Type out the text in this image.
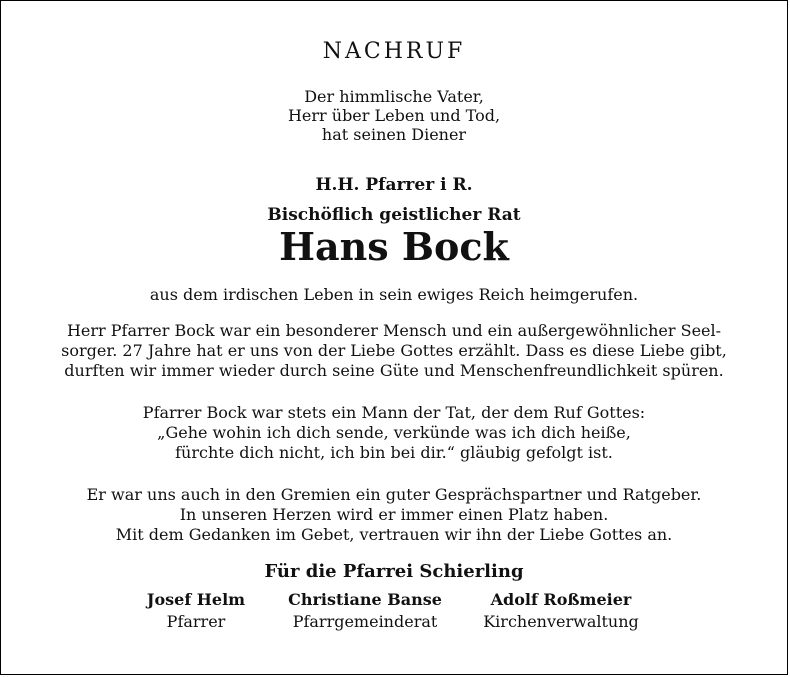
NACHRUF
Der himmlische Vater,
Herr über Leben und Tod,
hat seinen Diener
H.H. Pfarrer i R.
Bischöflich geistlicher Rat
Hans Bock
aus dem irdischen Leben in sein ewiges Reich heimgerufen.
Herr Pfarrer Bock war ein besonderer Mensch und ein außergewöhnlicher Seel-
sorger. 27 Jahre hat er uns von der Liebe Gottes erzählt. Dass es diese Liebe gibt,
durften wir immer wieder durch seine Güte und Menschenfreundlichkeit spüren.
Pfarrer Bock war stets ein Mann der Tat, der dem Ruf Gottes:
„Gehe wohin ich dich sende, verkünde was ich dich heiße,
fürchte dich nicht, ich bin bei dir.“ gläubig gefolgt ist.
Er war uns auch in den Gremien ein guter Gesprächspartner und Ratgeber.
In unseren Herzen wird er immer einen Platz haben.
Mit dem Gedanken im Gebet, vertrauen wir ihn der Liebe Gottes an.
Für die Pfarrei Schierling
Josef Helm
Pfarrer
Christiane Banse
Pfarrgemeinderat
Adolf Roßmeier
Kirchenverwaltung
